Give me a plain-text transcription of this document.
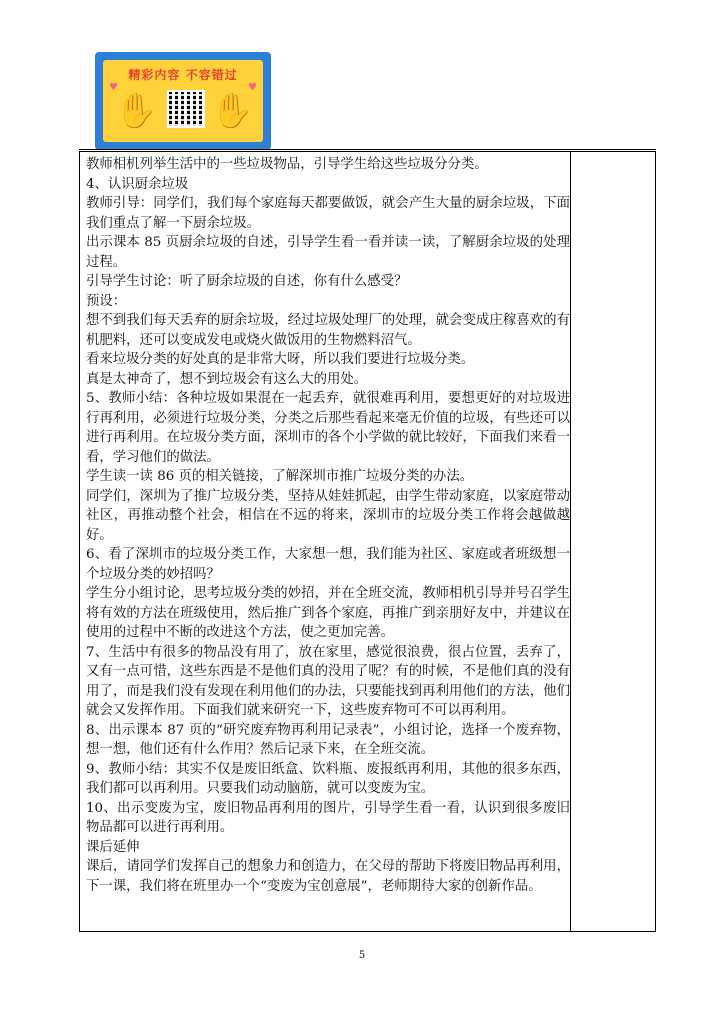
精彩内容 不容错过
✋ ✋
♥	♥

教师相机列举生活中的一些垃圾物品，引导学生给这些垃圾分分类。

4、认识厨余垃圾

教师引导：同学们，我们每个家庭每天都要做饭，就会产生大量的厨余垃圾，下面我们重点了解一下厨余垃圾。

出示课本 85 页厨余垃圾的自述，引导学生看一看并读一读，了解厨余垃圾的处理过程。

引导学生讨论：听了厨余垃圾的自述，你有什么感受？

预设：

想不到我们每天丢弃的厨余垃圾，经过垃圾处理厂的处理，就会变成庄稼喜欢的有机肥料，还可以变成发电或烧火做饭用的生物燃料沼气。

看来垃圾分类的好处真的是非常大呀，所以我们要进行垃圾分类。

真是太神奇了，想不到垃圾会有这么大的用处。

5、教师小结：各种垃圾如果混在一起丢弃，就很难再利用，要想更好的对垃圾进行再利用，必须进行垃圾分类，分类之后那些看起来毫无价值的垃圾，有些还可以进行再利用。在垃圾分类方面，深圳市的各个小学做的就比较好，下面我们来看一看，学习他们的做法。

学生读一读 86 页的相关链接，了解深圳市推广垃圾分类的办法。

同学们，深圳为了推广垃圾分类，坚持从娃娃抓起，由学生带动家庭，以家庭带动社区，再推动整个社会，相信在不远的将来，深圳市的垃圾分类工作将会越做越好。

6、看了深圳市的垃圾分类工作，大家想一想，我们能为社区、家庭或者班级想一个垃圾分类的妙招吗？

学生分小组讨论，思考垃圾分类的妙招，并在全班交流，教师相机引导并号召学生将有效的方法在班级使用，然后推广到各个家庭，再推广到亲朋好友中，并建议在使用的过程中不断的改进这个方法，使之更加完善。

7、生活中有很多的物品没有用了，放在家里，感觉很浪费，很占位置，丢弃了，又有一点可惜，这些东西是不是他们真的没用了呢？有的时候，不是他们真的没有用了，而是我们没有发现在利用他们的办法，只要能找到再利用他们的方法，他们就会又发挥作用。下面我们就来研究一下，这些废弃物可不可以再利用。

8、出示课本 87 页的“研究废弃物再利用记录表”，小组讨论，选择一个废弃物，想一想，他们还有什么作用？然后记录下来，在全班交流。

9、教师小结：其实不仅是废旧纸盒、饮料瓶、废报纸再利用，其他的很多东西，我们都可以再利用。只要我们动动脑筋，就可以变废为宝。

10、出示变废为宝，废旧物品再利用的图片，引导学生看一看，认识到很多废旧物品都可以进行再利用。

课后延伸

课后，请同学们发挥自己的想象力和创造力，在父母的帮助下将废旧物品再利用，下一课，我们将在班里办一个“变废为宝创意展”，老师期待大家的创新作品。

5
